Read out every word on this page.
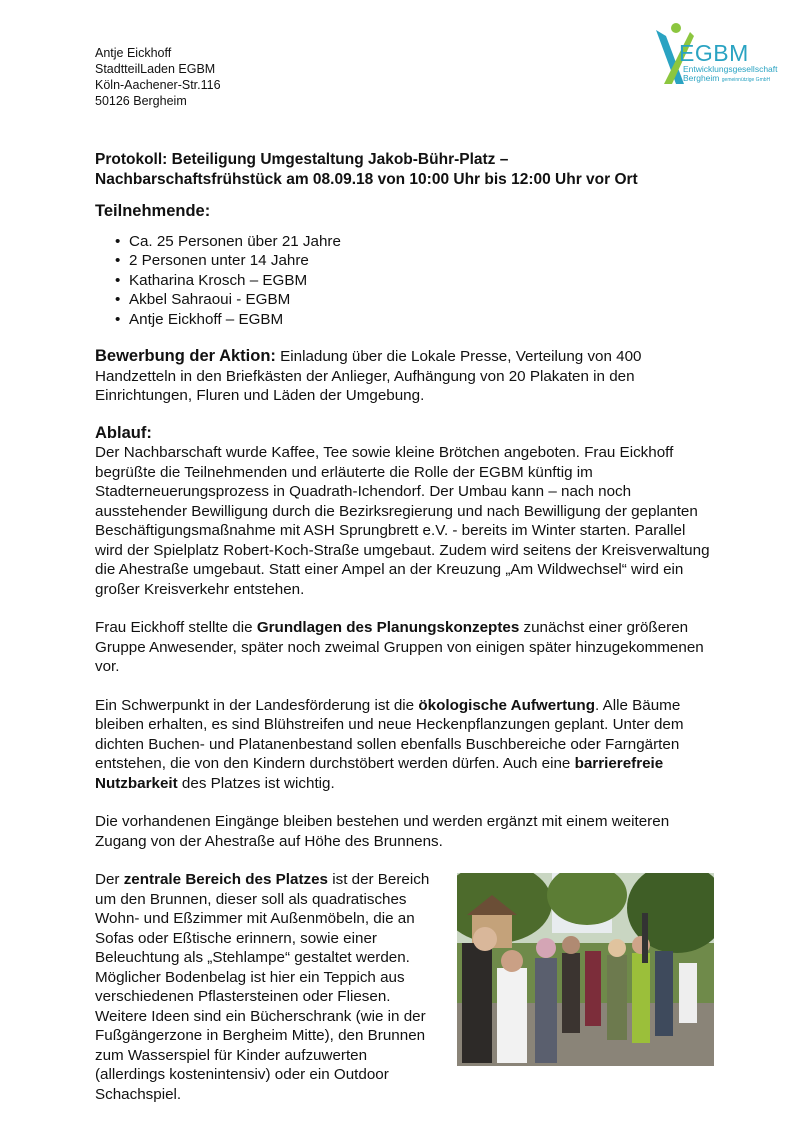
Antje Eickhoff
StadtteilLaden EGBM
Köln-Aachener-Str.116
50126 Bergheim
EGBM
Entwicklungsgesellschaft
Bergheim gemeinnützige GmbH
Protokoll: Beteiligung Umgestaltung Jakob-Bühr-Platz –
Nachbarschaftsfrühstück am 08.09.18 von 10:00 Uhr bis 12:00 Uhr vor Ort
Teilnehmende:
• Ca. 25 Personen über 21 Jahre
• 2 Personen unter 14 Jahre
• Katharina Krosch – EGBM
• Akbel Sahraoui - EGBM
• Antje Eickhoff – EGBM

Bewerbung der Aktion: Einladung über die Lokale Presse, Verteilung von 400 Handzetteln in den Briefkästen der Anlieger, Aufhängung von 20 Plakaten in den Einrichtungen, Fluren und Läden der Umgebung.

Ablauf:

Der Nachbarschaft wurde Kaffee, Tee sowie kleine Brötchen angeboten. Frau Eickhoff begrüßte die Teilnehmenden und erläuterte die Rolle der EGBM künftig im Stadterneuerungsprozess in Quadrath-Ichendorf. Der Umbau kann – nach noch ausstehender Bewilligung durch die Bezirksregierung und nach Bewilligung der geplanten Beschäftigungsmaßnahme mit ASH Sprungbrett e.V. - bereits im Winter starten. Parallel wird der Spielplatz Robert-Koch-Straße umgebaut. Zudem wird seitens der Kreisverwaltung die Ahestraße umgebaut. Statt einer Ampel an der Kreuzung „Am Wildwechsel“ wird ein großer Kreisverkehr entstehen.

Frau Eickhoff stellte die Grundlagen des Planungskonzeptes zunächst einer größeren Gruppe Anwesender, später noch zweimal Gruppen von einigen später hinzugekommenen vor.

Ein Schwerpunkt in der Landesförderung ist die ökologische Aufwertung. Alle Bäume bleiben erhalten, es sind Blühstreifen und neue Heckenpflanzungen geplant. Unter dem dichten Buchen- und Platanenbestand sollen ebenfalls Buschbereiche oder Farngärten entstehen, die von den Kindern durchstöbert werden dürfen. Auch eine barrierefreie Nutzbarkeit des Platzes ist wichtig.

Die vorhandenen Eingänge bleiben bestehen und werden ergänzt mit einem weiteren Zugang von der Ahestraße auf Höhe des Brunnens.

Der zentrale Bereich des Platzes ist der Bereich um den Brunnen, dieser soll als quadratisches Wohn- und Eßzimmer mit Außenmöbeln, die an Sofas oder Eßtische erinnern, sowie einer Beleuchtung als „Stehlampe“ gestaltet werden. Möglicher Bodenbelag ist hier ein Teppich aus verschiedenen Pflastersteinen oder Fliesen. Weitere Ideen sind ein Bücherschrank (wie in der Fußgängerzone in Bergheim Mitte), den Brunnen zum Wasserspiel für Kinder aufzuwerten (allerdings kostenintensiv) oder ein Outdoor Schachspiel.
